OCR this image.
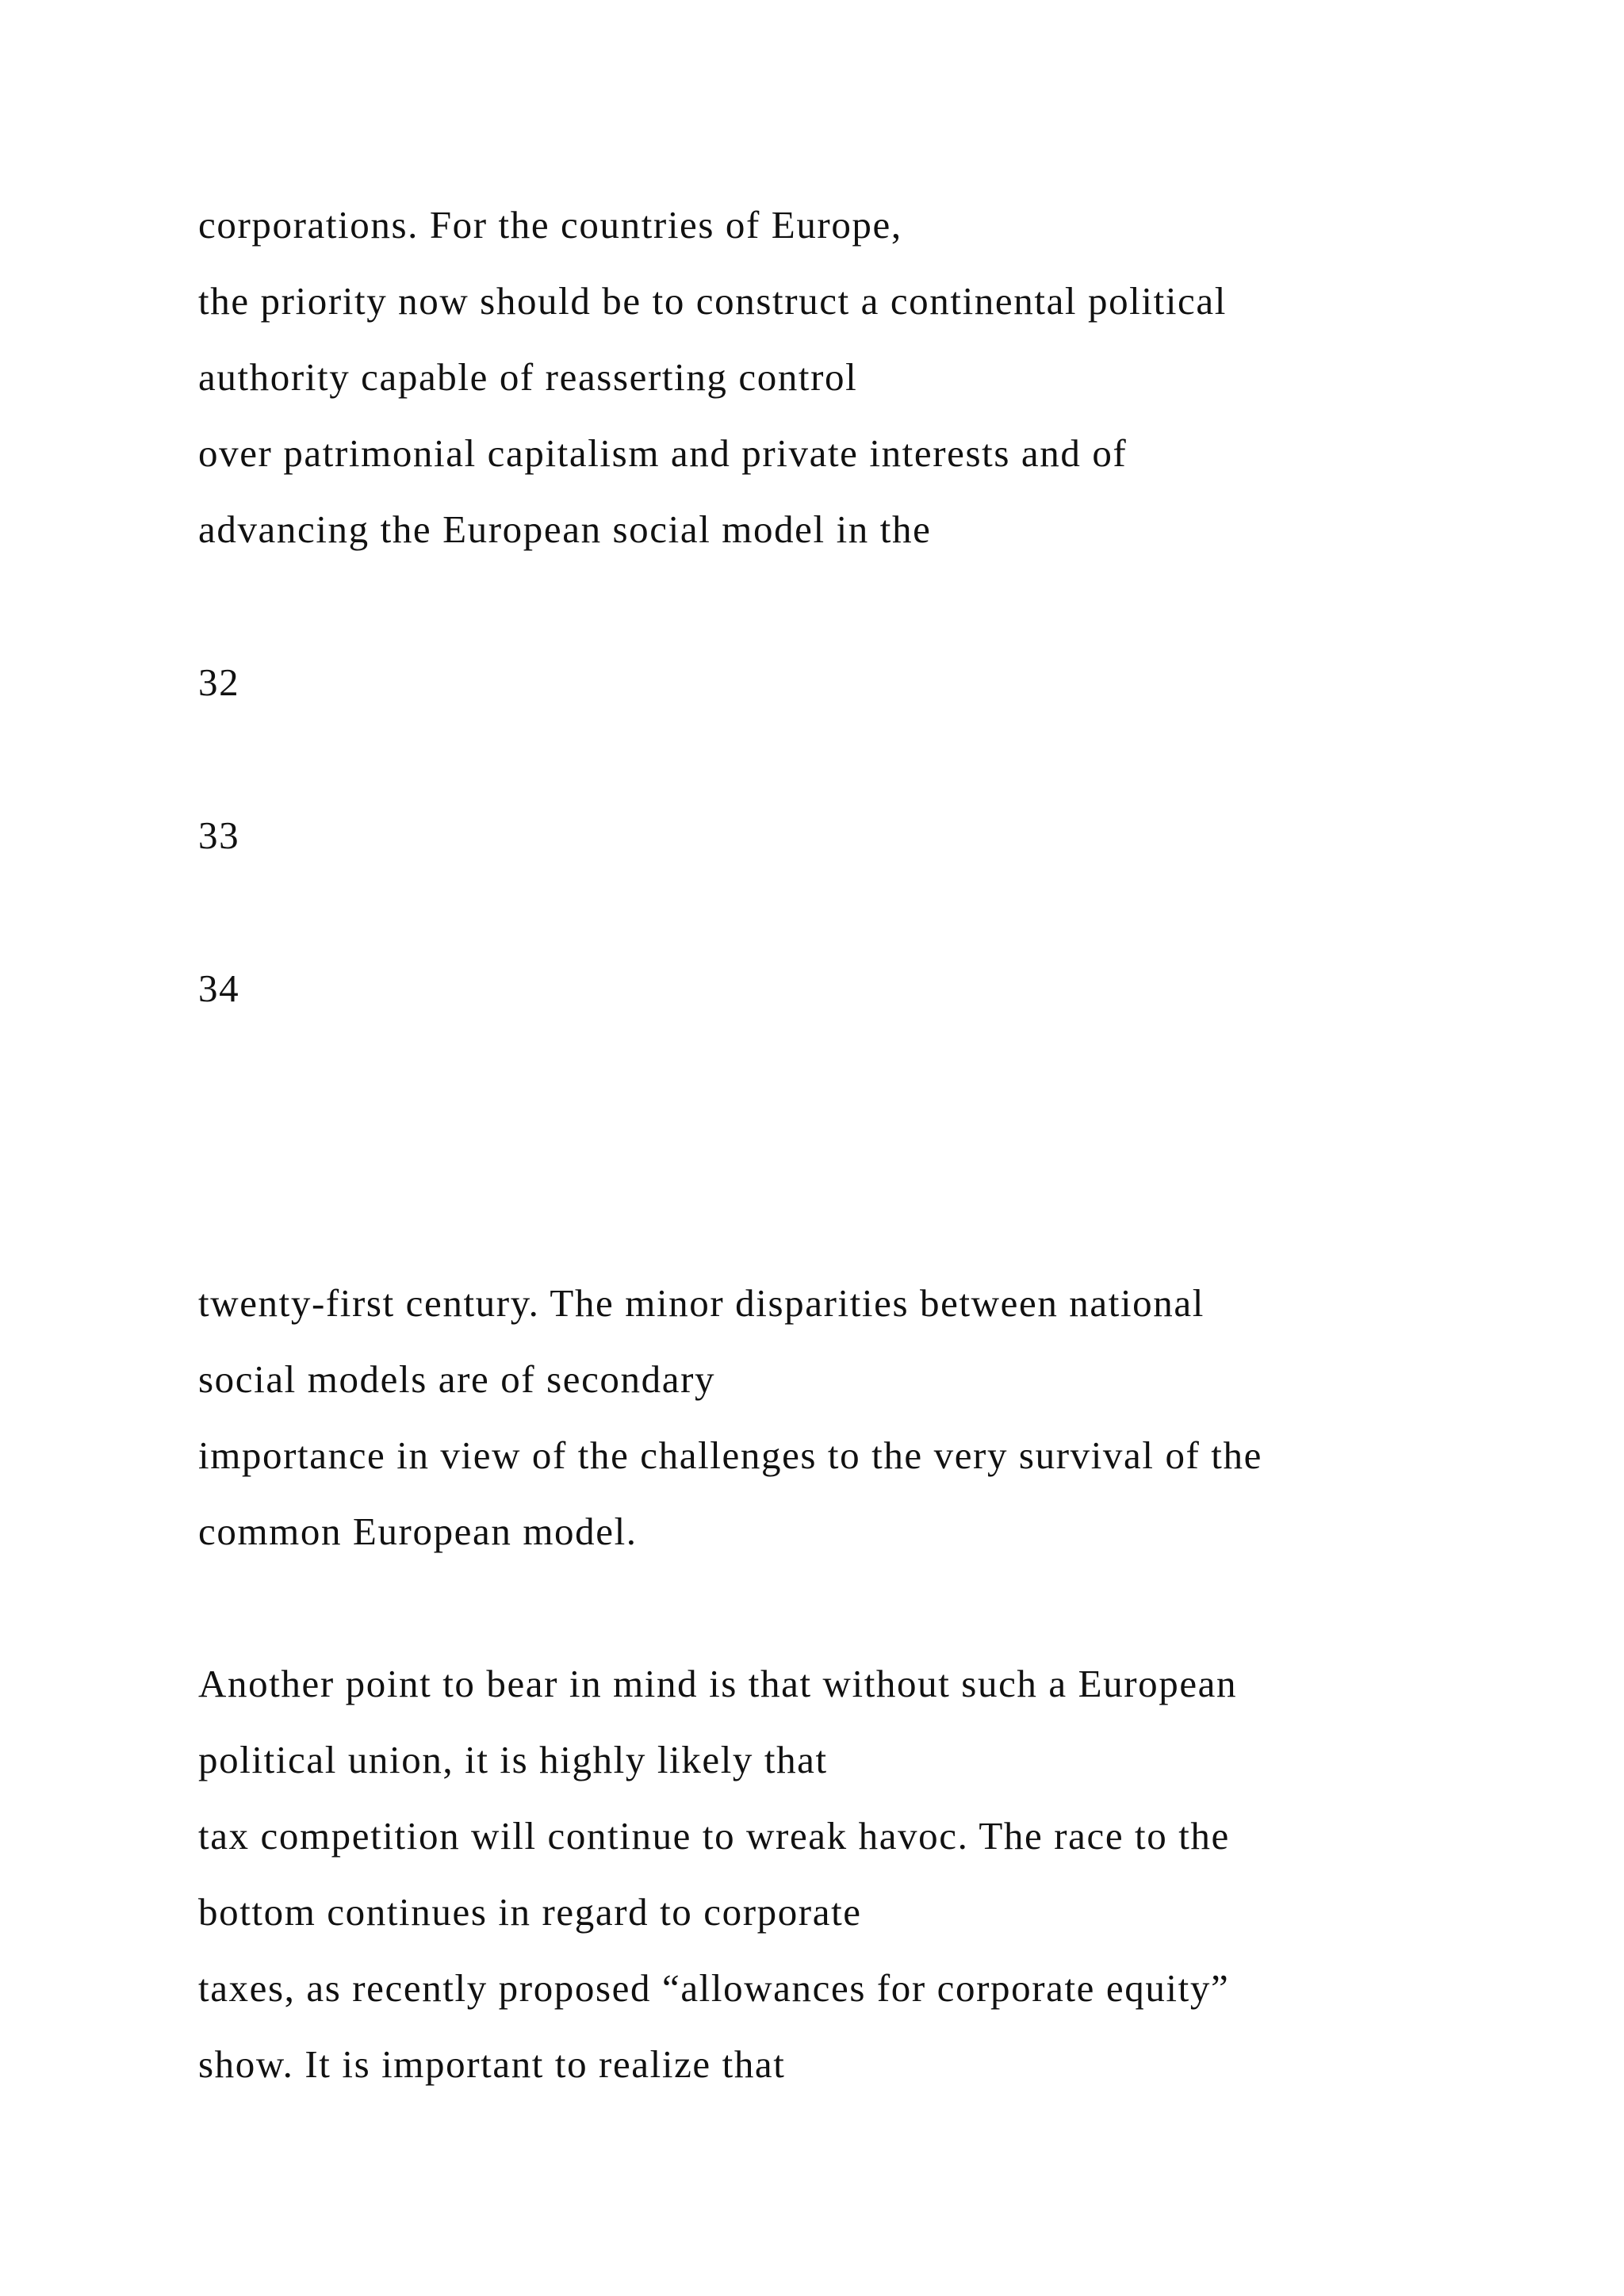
corporations. For the countries of Europe,

the priority now should be to construct a continental political

authority capable of reasserting control

over patrimonial capitalism and private interests and of

advancing the European social model in the

32

33

34

twenty-first century. The minor disparities between national

social models are of secondary

importance in view of the challenges to the very survival of the

common European model.

Another point to bear in mind is that without such a European

political union, it is highly likely that

tax competition will continue to wreak havoc. The race to the

bottom continues in regard to corporate

taxes, as recently proposed “allowances for corporate equity”

show. It is important to realize that
